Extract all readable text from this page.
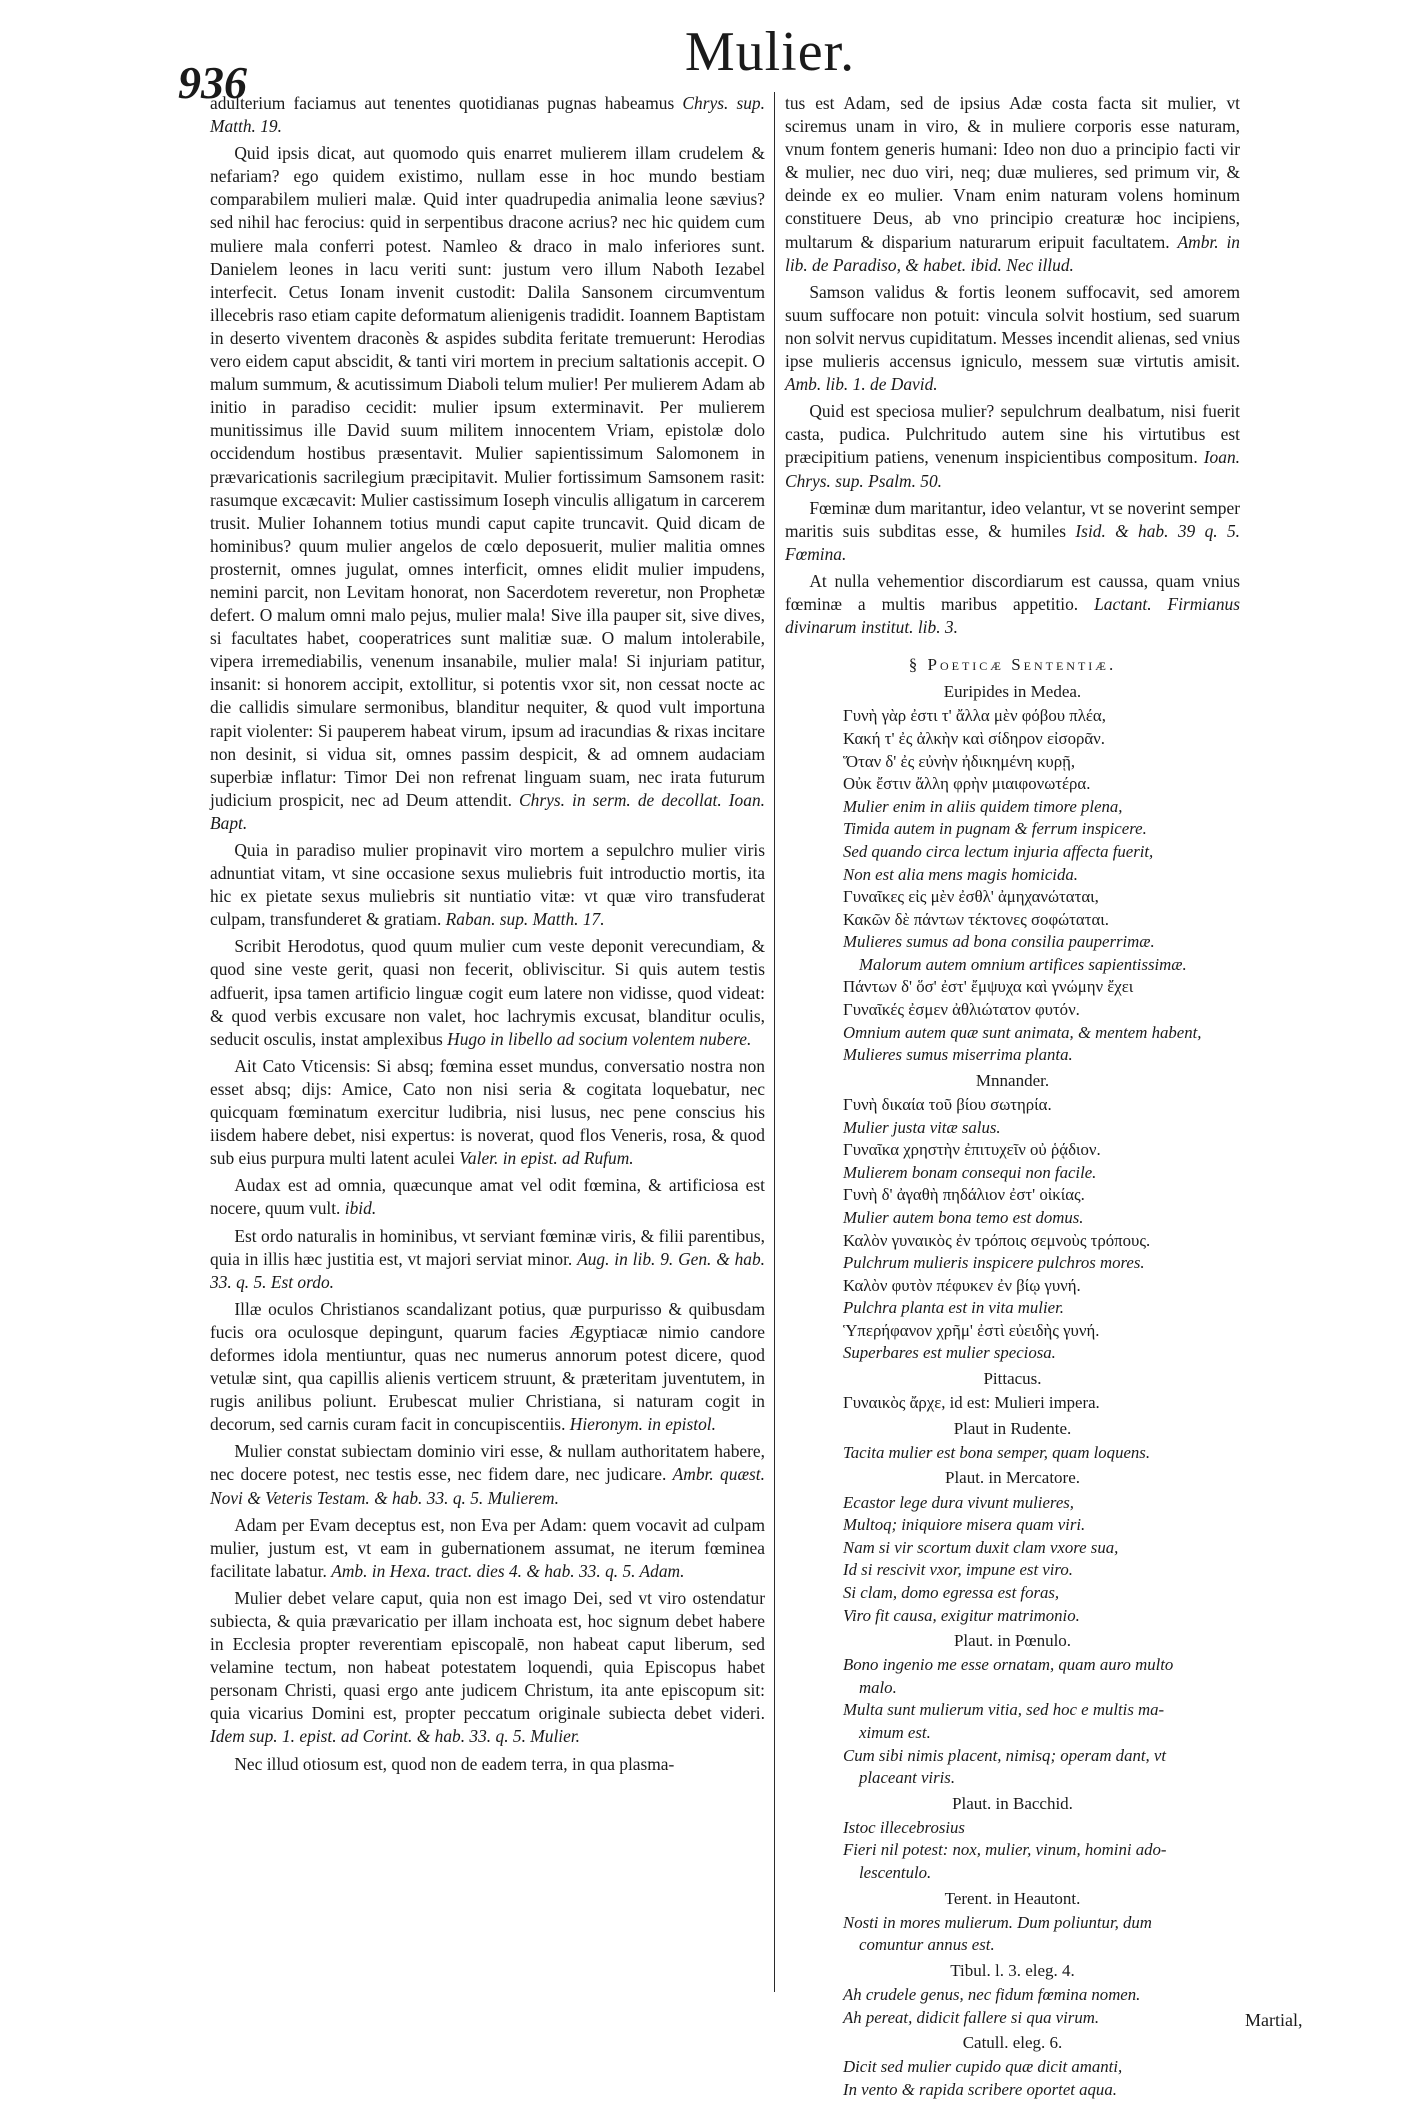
936	Mulier.

adulterium faciamus aut tenentes quotidianas pugnas habeamus Chrys. sup. Matth. 19.

Quid ipsis dicat, aut quomodo quis enarret mulierem illam crudelem & nefariam? ego quidem existimo, nullam esse in hoc mundo bestiam comparabilem mulieri malæ. Quid inter quadrupedia animalia leone sævius? sed nihil hac ferocius: quid in serpentibus dracone acrius? nec hic quidem cum muliere mala conferri potest. Namleo & draco in malo inferiores sunt. Danielem leones in lacu veriti sunt: justum vero illum Naboth Iezabel interfecit. Cetus Ionam invenit custodit: Dalila Sansonem circumventum illecebris raso etiam capite deformatum alienigenis tradidit. Ioannem Baptistam in deserto viventem draconès & aspides subdita feritate tremuerunt: Herodias vero eidem caput abscidit, & tanti viri mortem in precium saltationis accepit. O malum summum, & acutissimum Diaboli telum mulier! Per mulierem Adam ab initio in paradiso cecidit: mulier ipsum exterminavit. Per mulierem munitissimus ille David suum militem innocentem Vriam, epistolæ dolo occidendum hostibus præsentavit. Mulier sapientissimum Salomonem in prævaricationis sacrilegium præcipitavit. Mulier fortissimum Samsonem rasit: rasumque excæcavit: Mulier castissimum Ioseph vinculis alligatum in carcerem trusit. Mulier Iohannem totius mundi caput capite truncavit. Quid dicam de hominibus? quum mulier angelos de cœlo deposuerit, mulier malitia omnes prosternit, omnes jugulat, omnes interficit, omnes elidit mulier impudens, nemini parcit, non Levitam honorat, non Sacerdotem reveretur, non Prophetæ defert. O malum omni malo pejus, mulier mala! Sive illa pauper sit, sive dives, si facultates habet, cooperatrices sunt malitiæ suæ. O malum intolerabile, vipera irremediabilis, venenum insanabile, mulier mala! Si injuriam patitur, insanit: si honorem accipit, extollitur, si potentis vxor sit, non cessat nocte ac die callidis simulare sermonibus, blanditur nequiter, & quod vult importuna rapit violenter: Si pauperem habeat virum, ipsum ad iracundias & rixas incitare non desinit, si vidua sit, omnes passim despicit, & ad omnem audaciam superbiæ inflatur: Timor Dei non refrenat linguam suam, nec irata futurum judicium prospicit, nec ad Deum attendit. Chrys. in serm. de decollat. Ioan. Bapt.

Quia in paradiso mulier propinavit viro mortem a sepulchro mulier viris adnuntiat vitam, vt sine occasione sexus muliebris fuit introductio mortis, ita hic ex pietate sexus muliebris sit nuntiatio vitæ: vt quæ viro transfuderat culpam, transfunderet & gratiam. Raban. sup. Matth. 17.

Scribit Herodotus, quod quum mulier cum veste deponit verecundiam, & quod sine veste gerit, quasi non fecerit, obliviscitur. Si quis autem testis adfuerit, ipsa tamen artificio linguæ cogit eum latere non vidisse, quod videat: & quod verbis excusare non valet, hoc lachrymis excusat, blanditur oculis, seducit osculis, instat amplexibus Hugo in libello ad socium volentem nubere.

Ait Cato Vticensis: Si absq; fœmina esset mundus, conversatio nostra non esset absq; dijs: Amice, Cato non nisi seria & cogitata loquebatur, nec quicquam fœminatum exercitur ludibria, nisi lusus, nec pene conscius his iisdem habere debet, nisi expertus: is noverat, quod flos Veneris, rosa, & quod sub eius purpura multi latent aculei Valer. in epist. ad Rufum.

Audax est ad omnia, quæcunque amat vel odit fœmina, & artificiosa est nocere, quum vult. ibid.

Est ordo naturalis in hominibus, vt serviant fœminæ viris, & filii parentibus, quia in illis hæc justitia est, vt majori serviat minor. Aug. in lib. 9. Gen. & hab. 33. q. 5. Est ordo.

Illæ oculos Christianos scandalizant potius, quæ purpurisso & quibusdam fucis ora oculosque depingunt, quarum facies Ægyptiacæ nimio candore deformes idola mentiuntur, quas nec numerus annorum potest dicere, quod vetulæ sint, qua capillis alienis verticem struunt, & præteritam juventutem, in rugis anilibus poliunt. Erubescat mulier Christiana, si naturam cogit in decorum, sed carnis curam facit in concupiscentiis. Hieronym. in epistol.

Mulier constat subiectam dominio viri esse, & nullam authoritatem habere, nec docere potest, nec testis esse, nec fidem dare, nec judicare. Ambr. quæst. Novi & Veteris Testam. & hab. 33. q. 5. Mulierem.

Adam per Evam deceptus est, non Eva per Adam: quem vocavit ad culpam mulier, justum est, vt eam in gubernationem assumat, ne iterum fœminea facilitate labatur. Amb. in Hexa. tract. dies 4. & hab. 33. q. 5. Adam.

Mulier debet velare caput, quia non est imago Dei, sed vt viro ostendatur subiecta, & quia prævaricatio per illam inchoata est, hoc signum debet habere in Ecclesia propter reverentiam episcopalē, non habeat caput liberum, sed velamine tectum, non habeat potestatem loquendi, quia Episcopus habet personam Christi, quasi ergo ante judicem Christum, ita ante episcopum sit: quia vicarius Domini est, propter peccatum originale subiecta debet videri. Idem sup. 1. epist. ad Corint. & hab. 33. q. 5. Mulier.

Nec illud otiosum est, quod non de eadem terra, in qua plasma-

tus est Adam, sed de ipsius Adæ costa facta sit mulier, vt sciremus unam in viro, & in muliere corporis esse naturam, vnum fontem generis humani: Ideo non duo a principio facti vir & mulier, nec duo viri, neq; duæ mulieres, sed primum vir, & deinde ex eo mulier. Vnam enim naturam volens hominum constituere Deus, ab vno principio creaturæ hoc incipiens, multarum & disparium naturarum eripuit facultatem. Ambr. in lib. de Paradiso, & habet. ibid. Nec illud.

Samson validus & fortis leonem suffocavit, sed amorem suum suffocare non potuit: vincula solvit hostium, sed suarum non solvit nervus cupiditatum. Messes incendit alienas, sed vnius ipse mulieris accensus igniculo, messem suæ virtutis amisit. Amb. lib. 1. de David.

Quid est speciosa mulier? sepulchrum dealbatum, nisi fuerit casta, pudica. Pulchritudo autem sine his virtutibus est præcipitium patiens, venenum inspicientibus compositum. Ioan. Chrys. sup. Psalm. 50.

Fœminæ dum maritantur, ideo velantur, vt se noverint semper maritis suis subditas esse, & humiles Isid. & hab. 39 q. 5. Fœmina.

At nulla vehementior discordiarum est caussa, quam vnius fœminæ a multis maribus appetitio. Lactant. Firmianus divinarum institut. lib. 3.

§ Poeticæ Sententiæ.
Euripides in Medea.
Γυνὴ γὰρ ἐστι τ' ἄλλα μὲν φόβου πλέα,
Κακή τ' ἐς ἀλκὴν καὶ σίδηρον εἰσορᾶν.
Ὅταν δ' ἐς εὐνὴν ἠδικημένη κυρῇ,
Οὐκ ἔστιν ἄλλη φρὴν μιαιφονωτέρα.
Mulier enim in aliis quidem timore plena,
Timida autem in pugnam & ferrum inspicere.
Sed quando circa lectum injuria affecta fuerit,
Non est alia mens magis homicida.
Γυναῖκες εἰς μὲν ἐσθλ' ἀμηχανώταται,
Κακῶν δὲ πάντων τέκτονες σοφώταται.
Mulieres sumus ad bona consilia pauperrimæ.
Malorum autem omnium artifices sapientissimæ.
Πάντων δ' ὅσ' ἐστ' ἔμψυχα καὶ γνώμην ἔχει
Γυναῖκές ἐσμεν ἀθλιώτατον φυτόν.
Omnium autem quæ sunt animata, & mentem habent,
Mulieres sumus miserrima planta.
Mnnander.
Γυνὴ δικαία τοῦ βίου σωτηρία.
Mulier justa vitæ salus.
Γυναῖκα χρηστὴν ἐπιτυχεῖν οὐ ῥᾴδιον.
Mulierem bonam consequi non facile.
Γυνὴ δ' ἀγαθὴ πηδάλιον ἐστ' οἰκίας.
Mulier autem bona temo est domus.
Καλὸν γυναικὸς ἐν τρόποις σεμνοὺς τρόπους.
Pulchrum mulieris inspicere pulchros mores.
Καλὸν φυτὸν πέφυκεν ἐν βίῳ γυνή.
Pulchra planta est in vita mulier.
Ὑπερήφανον χρῆμ' ἐστὶ εὐειδὴς γυνή.
Superbares est mulier speciosa.
Pittacus.
Γυναικὸς ἄρχε, id est: Mulieri impera.
Plaut in Rudente.
Tacita mulier est bona semper, quam loquens.
Plaut. in Mercatore.
Ecastor lege dura vivunt mulieres,
Multoq; iniquiore misera quam viri.
Nam si vir scortum duxit clam vxore sua,
Id si rescivit vxor, impune est viro.
Si clam, domo egressa est foras,
Viro fit causa, exigitur matrimonio.
Plaut. in Pœnulo.
Bono ingenio me esse ornatam, quam auro multo
malo.
Multa sunt mulierum vitia, sed hoc e multis ma-
ximum est.
Cum sibi nimis placent, nimisq; operam dant, vt
placeant viris.
Plaut. in Bacchid.
Istoc illecebrosius
Fieri nil potest: nox, mulier, vinum, homini ado-
lescentulo.
Terent. in Heautont.
Nosti in mores mulierum. Dum poliuntur, dum
comuntur annus est.
Tibul. l. 3. eleg. 4.
Ah crudele genus, nec fidum fœmina nomen.
Ah pereat, didicit fallere si qua virum.
Catull. eleg. 6.
Dicit sed mulier cupido quæ dicit amanti,
In vento & rapida scribere oportet aqua.
Martial,
